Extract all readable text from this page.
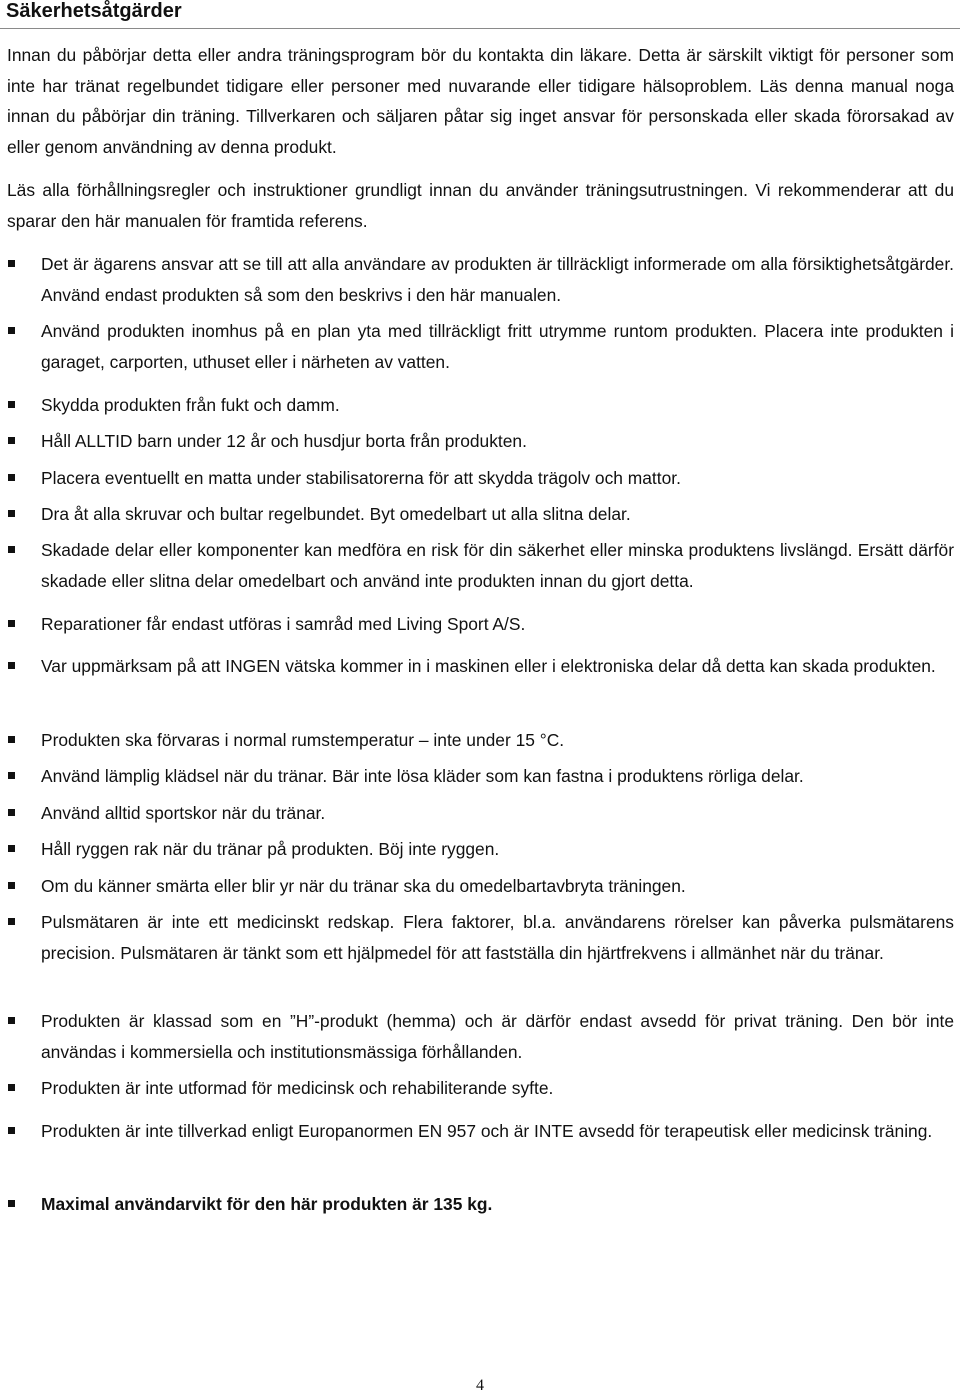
Säkerhetsåtgärder
Innan du påbörjar detta eller andra träningsprogram bör du kontakta din läkare. Detta är särskilt viktigt för personer som inte har tränat regelbundet tidigare eller personer med nuvarande eller tidigare hälsoproblem. Läs denna manual noga innan du påbörjar din träning. Tillverkaren och säljaren påtar sig inget ansvar för personskada eller skada förorsakad av eller genom användning av denna produkt.
Läs alla förhållningsregler och instruktioner grundligt innan du använder träningsutrustningen. Vi rekommenderar att du sparar den här manualen för framtida referens.
Det är ägarens ansvar att se till att alla användare av produkten är tillräckligt informerade om alla försiktighetsåtgärder. Använd endast produkten så som den beskrivs i den här manualen.
Använd produkten inomhus på en plan yta med tillräckligt fritt utrymme runtom produkten. Placera inte produkten i garaget, carporten, uthuset eller i närheten av vatten.
Skydda produkten från fukt och damm.
Håll ALLTID barn under 12 år och husdjur borta från produkten.
Placera eventuellt en matta under stabilisatorerna för att skydda trägolv och mattor.
Dra åt alla skruvar och bultar regelbundet. Byt omedelbart ut alla slitna delar.
Skadade delar eller komponenter kan medföra en risk för din säkerhet eller minska produktens livslängd. Ersätt därför skadade eller slitna delar omedelbart och använd inte produkten innan du gjort detta.
Reparationer får endast utföras i samråd med Living Sport A/S.
Var uppmärksam på att INGEN vätska kommer in i maskinen eller i elektroniska delar då detta kan skada produkten.
Produkten ska förvaras i normal rumstemperatur – inte under 15 °C.
Använd lämplig klädsel när du tränar. Bär inte lösa kläder som kan fastna i produktens rörliga delar.
Använd alltid sportskor när du tränar.
Håll ryggen rak när du tränar på produkten. Böj inte ryggen.
Om du känner smärta eller blir yr när du tränar ska du omedelbartavbryta träningen.
Pulsmätaren är inte ett medicinskt redskap. Flera faktorer, bl.a. användarens rörelser kan påverka pulsmätarens precision. Pulsmätaren är tänkt som ett hjälpmedel för att fastställa din hjärtfrekvens i allmänhet när du tränar.
Produkten är klassad som en ”H”-produkt (hemma) och är därför endast avsedd för privat träning. Den bör inte användas i kommersiella och institutionsmässiga förhållanden.
Produkten är inte utformad för medicinsk och rehabiliterande syfte.
Produkten är inte tillverkad enligt Europanormen EN 957 och är INTE avsedd för terapeutisk eller medicinsk träning.
Maximal användarvikt för den här produkten är 135 kg.
4
